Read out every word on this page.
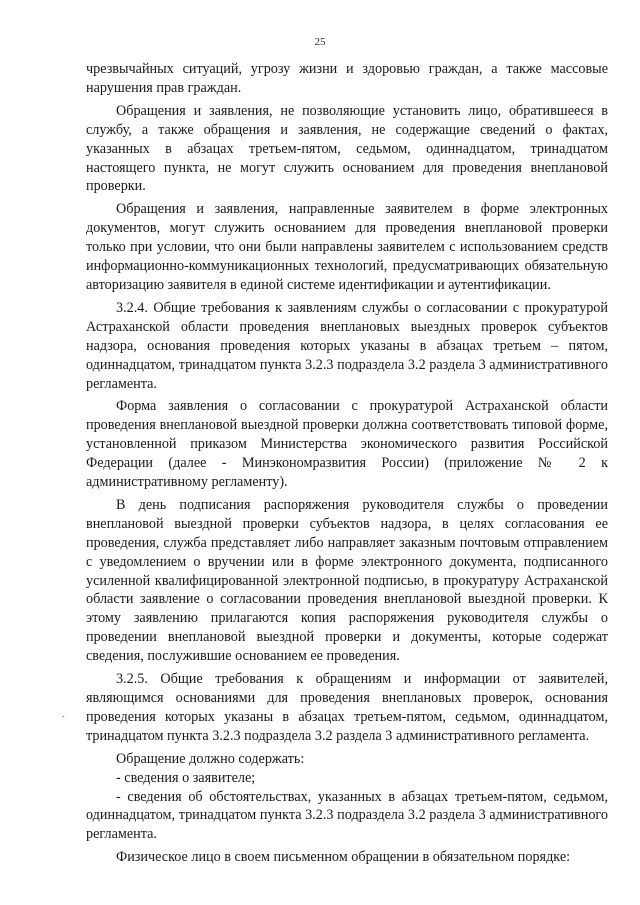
25

чрезвычайных ситуаций, угрозу жизни и здоровью граждан, а также массовые нарушения прав граждан.

Обращения и заявления, не позволяющие установить лицо, обратившееся в службу, а также обращения и заявления, не содержащие сведений о фактах, указанных в абзацах третьем-пятом, седьмом, одиннадцатом, тринадцатом настоящего пункта, не могут служить основанием для проведения внеплановой проверки.

Обращения и заявления, направленные заявителем в форме электронных документов, могут служить основанием для проведения внеплановой проверки только при условии, что они были направлены заявителем с использованием средств информационно-коммуникационных технологий, предусматривающих обязательную авторизацию заявителя в единой системе идентификации и аутентификации.

3.2.4. Общие требования к заявлениям службы о согласовании с прокуратурой Астраханской области проведения внеплановых выездных проверок субъектов надзора, основания проведения которых указаны в абзацах третьем – пятом, одиннадцатом, тринадцатом пункта 3.2.3 подраздела 3.2 раздела 3 административного регламента.

Форма заявления о согласовании с прокуратурой Астраханской области проведения внеплановой выездной проверки должна соответствовать типовой форме, установленной приказом Министерства экономического развития Российской Федерации (далее - Минэкономразвития России) (приложение № 2 к административному регламенту).

В день подписания распоряжения руководителя службы о проведении внеплановой выездной проверки субъектов надзора, в целях согласования ее проведения, служба представляет либо направляет заказным почтовым отправлением с уведомлением о вручении или в форме электронного документа, подписанного усиленной квалифицированной электронной подписью, в прокуратуру Астраханской области заявление о согласовании проведения внеплановой выездной проверки. К этому заявлению прилагаются копия распоряжения руководителя службы о проведении внеплановой выездной проверки и документы, которые содержат сведения, послужившие основанием ее проведения.

3.2.5. Общие требования к обращениям и информации от заявителей, являющимся основаниями для проведения внеплановых проверок, основания проведения которых указаны в абзацах третьем-пятом, седьмом, одиннадцатом, тринадцатом пункта 3.2.3 подраздела 3.2 раздела 3 административного регламента.

Обращение должно содержать:

- сведения о заявителе;

- сведения об обстоятельствах, указанных в абзацах третьем-пятом, седьмом, одиннадцатом, тринадцатом пункта 3.2.3 подраздела 3.2 раздела 3 административного регламента.

Физическое лицо в своем письменном обращении в обязательном порядке:

·
